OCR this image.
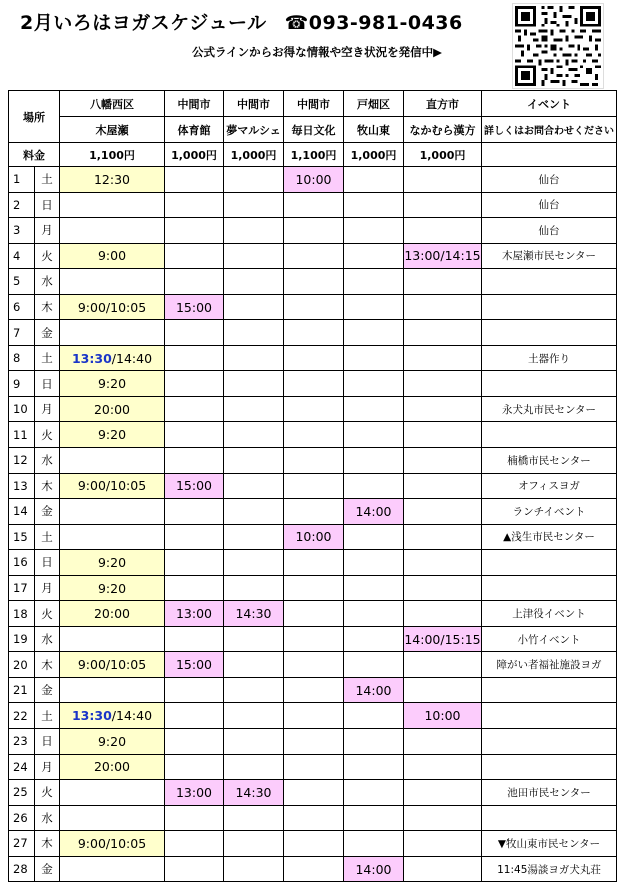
2月いろはヨガスケジュール ☎093-981-0436
公式ラインからお得な情報や空き状況を発信中▶
場所		八幡西区	中間市	中間市	中間市	戸畑区	直方市	イベント
		木屋瀬	体育館	夢マルシェ	毎日文化	牧山東	なかむら漢方	詳しくはお問合わせください
料金		1,100円	1,000円	1,000円	1,100円	1,000円	1,000円	
1	土	12:30			10:00			仙台
2	日							仙台
3	月							仙台
4	火	9:00					13:00/14:15	木屋瀬市民センター
5	水							
6	木	9:00/10:05	15:00					
7	金							
8	土	13:30/14:40						土器作り
9	日	9:20						
10	月	20:00						永犬丸市民センター
11	火	9:20						
12	水							楠橋市民センター
13	木	9:00/10:05	15:00					オフィスヨガ
14	金					14:00		ランチイベント
15	土				10:00			▲浅生市民センター
16	日	9:20						
17	月	9:20						
18	火	20:00	13:00	14:30				上津役イベント
19	水						14:00/15:15	小竹イベント
20	木	9:00/10:05	15:00					障がい者福祉施設ヨガ
21	金					14:00		
22	土	13:30/14:40					10:00	
23	日	9:20						
24	月	20:00						
25	火		13:00	14:30				池田市民センター
26	水							
27	木	9:00/10:05						▼牧山東市民センター
28	金					14:00		11:45湯談ヨガ犬丸荘
